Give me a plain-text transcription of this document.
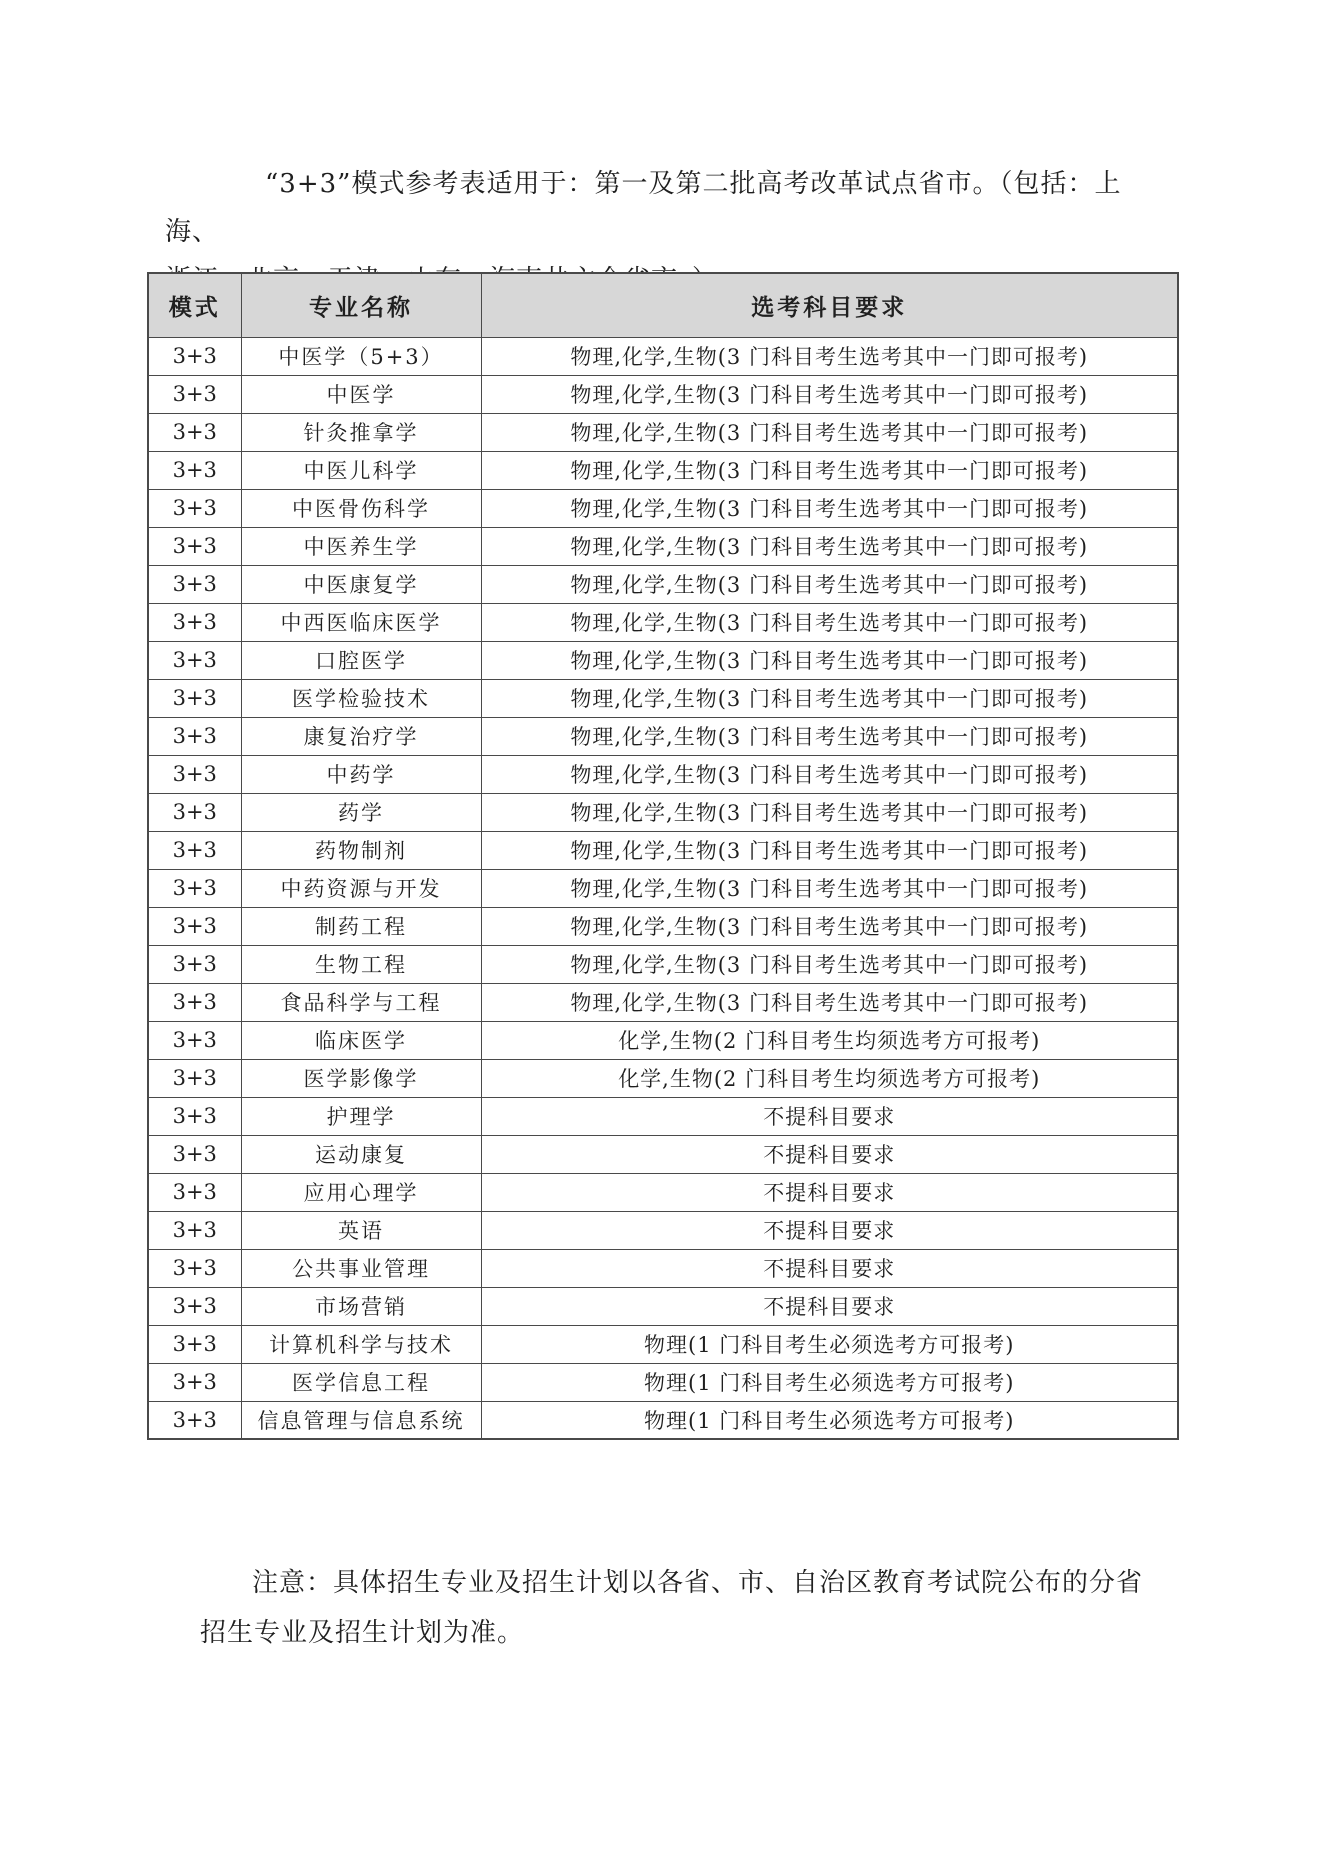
“3+3”模式参考表适用于：第一及第二批高考改革试点省市。（包括：上海、

模式	专业名称	选考科目要求
3+3	中医学（5+3）	物理,化学,生物(3 门科目考生选考其中一门即可报考)
3+3	中医学	物理,化学,生物(3 门科目考生选考其中一门即可报考)
3+3	针灸推拿学	物理,化学,生物(3 门科目考生选考其中一门即可报考)
3+3	中医儿科学	物理,化学,生物(3 门科目考生选考其中一门即可报考)
3+3	中医骨伤科学	物理,化学,生物(3 门科目考生选考其中一门即可报考)
3+3	中医养生学	物理,化学,生物(3 门科目考生选考其中一门即可报考)
3+3	中医康复学	物理,化学,生物(3 门科目考生选考其中一门即可报考)
3+3	中西医临床医学	物理,化学,生物(3 门科目考生选考其中一门即可报考)
3+3	口腔医学	物理,化学,生物(3 门科目考生选考其中一门即可报考)
3+3	医学检验技术	物理,化学,生物(3 门科目考生选考其中一门即可报考)
3+3	康复治疗学	物理,化学,生物(3 门科目考生选考其中一门即可报考)
3+3	中药学	物理,化学,生物(3 门科目考生选考其中一门即可报考)
3+3	药学	物理,化学,生物(3 门科目考生选考其中一门即可报考)
3+3	药物制剂	物理,化学,生物(3 门科目考生选考其中一门即可报考)
3+3	中药资源与开发	物理,化学,生物(3 门科目考生选考其中一门即可报考)
3+3	制药工程	物理,化学,生物(3 门科目考生选考其中一门即可报考)
3+3	生物工程	物理,化学,生物(3 门科目考生选考其中一门即可报考)
3+3	食品科学与工程	物理,化学,生物(3 门科目考生选考其中一门即可报考)
3+3	临床医学	化学,生物(2 门科目考生均须选考方可报考)
3+3	医学影像学	化学,生物(2 门科目考生均须选考方可报考)
3+3	护理学	不提科目要求
3+3	运动康复	不提科目要求
3+3	应用心理学	不提科目要求
3+3	英语	不提科目要求
3+3	公共事业管理	不提科目要求
3+3	市场营销	不提科目要求
3+3	计算机科学与技术	物理(1 门科目考生必须选考方可报考)
3+3	医学信息工程	物理(1 门科目考生必须选考方可报考)
3+3	信息管理与信息系统	物理(1 门科目考生必须选考方可报考)

注意：具体招生专业及招生计划以各省、市、自治区教育考试院公布的分省
招生专业及招生计划为准。
